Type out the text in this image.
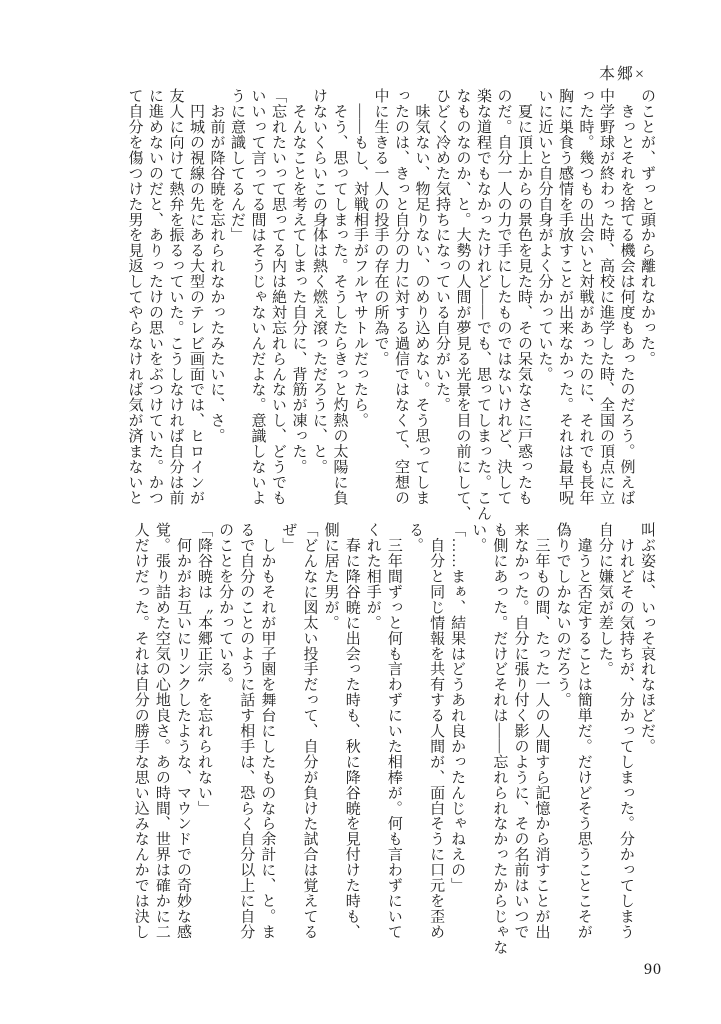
本郷×
のことが、ずっと頭から離れなかった。
　きっとそれを捨てる機会は何度もあったのだろう。例えば
中学野球が終わった時、高校に進学した時、全国の頂点に立
った時。幾つもの出会いと対戦があったのに、それでも長年
胸に巣食う感情を手放すことが出来なかった。それは最早呪
いに近いと自分自身がよく分かっていた。
　夏に頂上からの景色を見た時、その呆気なさに戸惑ったも
のだ。自分一人の力で手にしたものではないけれど、決して
楽な道程でもなかったけれど――でも、思ってしまった。こん
なものなのか、と。大勢の人間が夢見る光景を目の前にして、
ひどく冷めた気持ちになっている自分がいた。
　味気ない、物足りない、のめり込めない。そう思ってしま
ったのは、きっと自分の力に対する過信ではなくて、空想の
中に生きる一人の投手の存在の所為で。
　――もし、対戦相手がフルヤサトルだったら。
　そう、思ってしまった。そうしたらきっと灼熱の太陽に負
けないくらいこの身体は熱く燃え滾っただろうに、と。
　そんなことを考えてしまった自分に、背筋が凍った。
「忘れたいって思ってる内は絶対忘れらんないし、どうでも
いいって言ってる間はそうじゃないんだよな。意識しないよ
うに意識してるんだ」
　お前が降谷暁を忘れられなかったみたいに、さ。
　円城の視線の先にある大型のテレビ画面では、ヒロインが
友人に向けて熱弁を振るっていた。こうしなければ自分は前
に進めないのだと、ありったけの思いをぶつけていた。かつ
て自分を傷つけた男を見返してやらなければ気が済まないと
叫ぶ姿は、いっそ哀れなほどだ。
　けれどその気持ちが、分かってしまった。分かってしまう
自分に嫌気が差した。
　違うと否定することは簡単だ。だけどそう思うことこそが
偽りでしかないのだろう。
　三年もの間、たった一人の人間すら記憶から消すことが出
来なかった。自分に張り付く影のように、その名前はいつで
も側にあった。だけどそれは――忘れられなかったからじゃな
い。
「……まぁ、結果はどうあれ良かったんじゃねえの」
　自分と同じ情報を共有する人間が、面白そうに口元を歪め
る。
　三年間ずっと何も言わずにいた相棒が。何も言わずにいて
くれた相手が。
　春に降谷暁に出会った時も、秋に降谷暁を見付けた時も、
側に居た男が。
「どんなに図太い投手だって、自分が負けた試合は覚えてる
ぜ」
　しかもそれが甲子園を舞台にしたものなら余計に、と。ま
るで自分のことのように話す相手は、恐らく自分以上に自分
のことを分かっている。
「降谷暁は〝本郷正宗〟を忘れられない」
　何かがお互いにリンクしたような、マウンドでの奇妙な感
覚。張り詰めた空気の心地良さ。あの時間、世界は確かに二
人だけだった。それは自分の勝手な思い込みなんかでは決し
90
